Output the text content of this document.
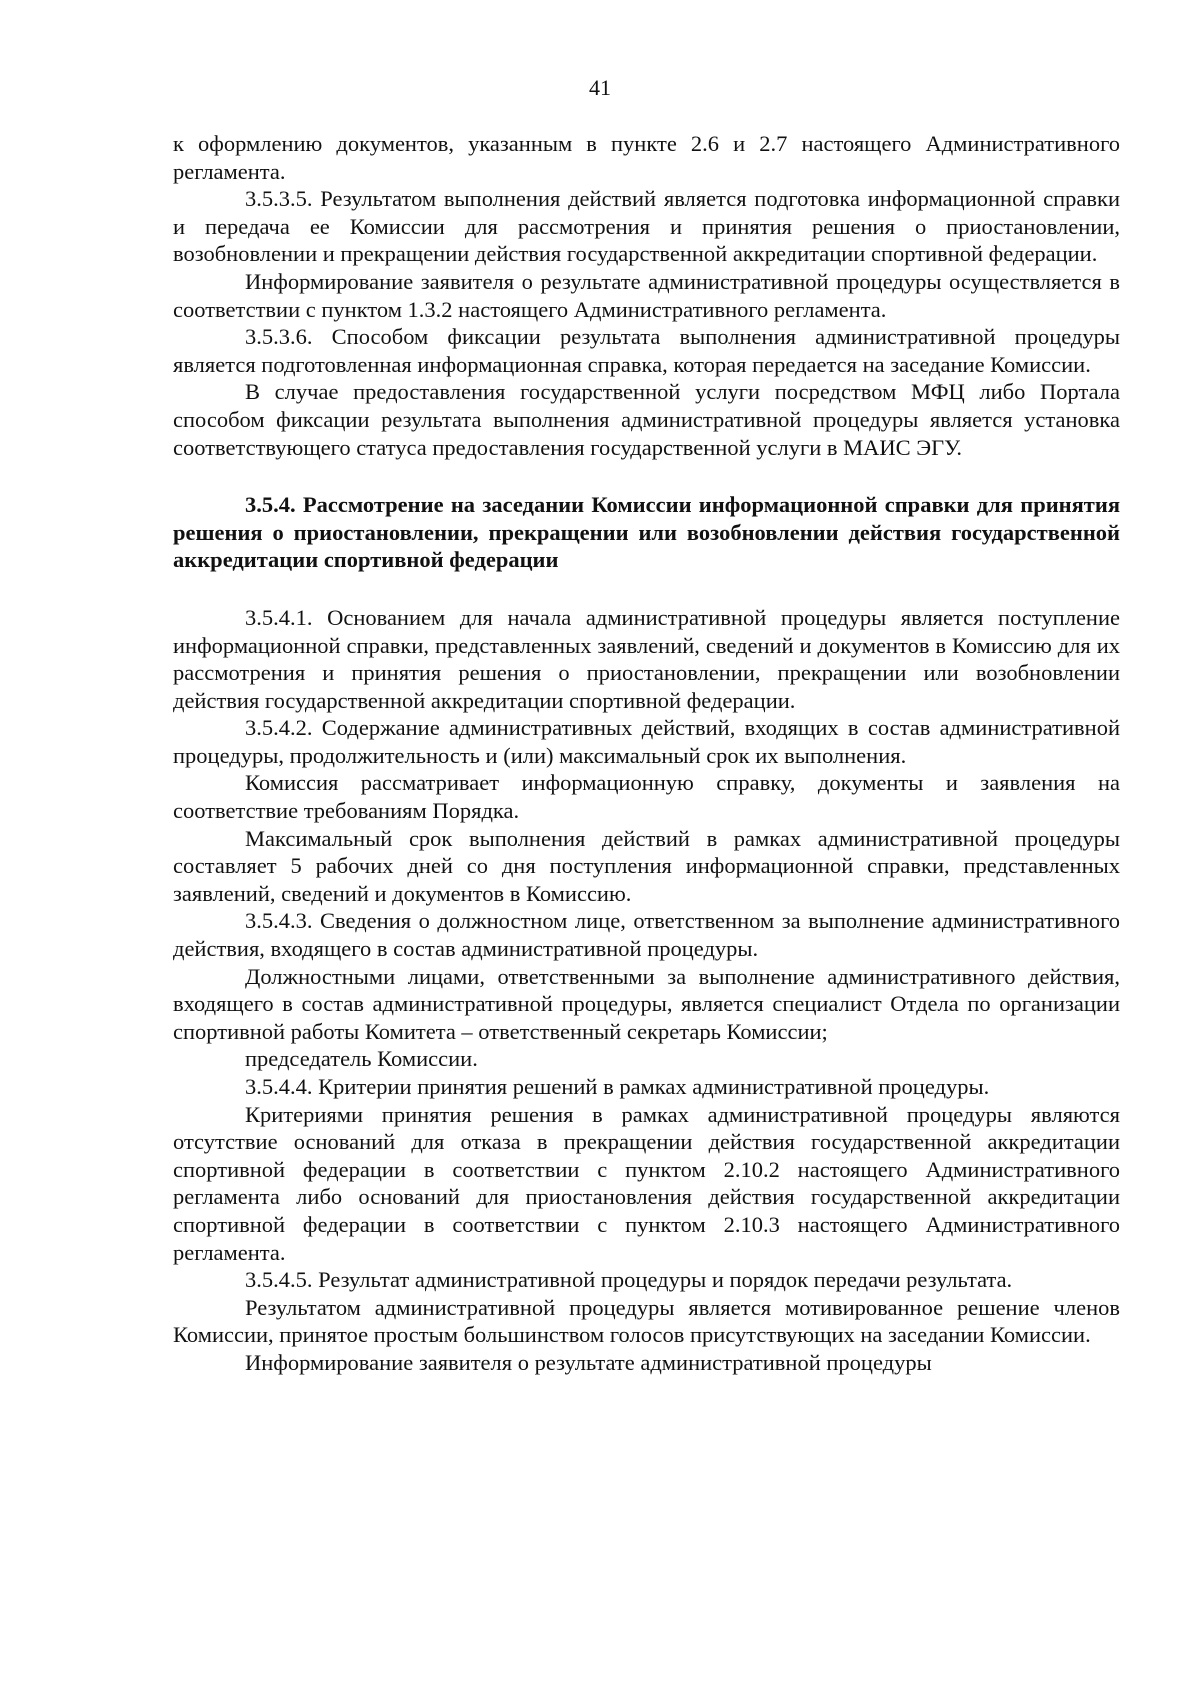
41

к оформлению документов, указанным в пункте 2.6 и 2.7 настоящего Административного регламента.

3.5.3.5. Результатом выполнения действий является подготовка информационной справки и передача ее Комиссии для рассмотрения и принятия решения о приостановлении, возобновлении и прекращении действия государственной аккредитации спортивной федерации.

Информирование заявителя о результате административной процедуры осуществляется в соответствии с пунктом 1.3.2 настоящего Административного регламента.

3.5.3.6. Способом фиксации результата выполнения административной процедуры является подготовленная информационная справка, которая передается на заседание Комиссии.

В случае предоставления государственной услуги посредством МФЦ либо Портала способом фиксации результата выполнения административной процедуры является установка соответствующего статуса предоставления государственной услуги в МАИС ЭГУ.

3.5.4. Рассмотрение на заседании Комиссии информационной справки для принятия решения о приостановлении, прекращении или возобновлении действия государственной аккредитации спортивной федерации

3.5.4.1. Основанием для начала административной процедуры является поступление информационной справки, представленных заявлений, сведений и документов в Комиссию для их рассмотрения и принятия решения о приостановлении, прекращении или возобновлении действия государственной аккредитации спортивной федерации.

3.5.4.2. Содержание административных действий, входящих в состав административной процедуры, продолжительность и (или) максимальный срок их выполнения.

Комиссия рассматривает информационную справку, документы и заявления на соответствие требованиям Порядка.

Максимальный срок выполнения действий в рамках административной процедуры составляет 5 рабочих дней со дня поступления информационной справки, представленных заявлений, сведений и документов в Комиссию.

3.5.4.3. Сведения о должностном лице, ответственном за выполнение административного действия, входящего в состав административной процедуры.

Должностными лицами, ответственными за выполнение административного действия, входящего в состав административной процедуры, является специалист Отдела по организации спортивной работы Комитета – ответственный секретарь Комиссии;

председатель Комиссии.

3.5.4.4. Критерии принятия решений в рамках административной процедуры.

Критериями принятия решения в рамках административной процедуры являются отсутствие оснований для отказа в прекращении действия государственной аккредитации спортивной федерации в соответствии с пунктом 2.10.2 настоящего Административного регламента либо оснований для приостановления действия государственной аккредитации спортивной федерации в соответствии с пунктом 2.10.3 настоящего Административного регламента.

3.5.4.5. Результат административной процедуры и порядок передачи результата.

Результатом административной процедуры является мотивированное решение членов Комиссии, принятое простым большинством голосов присутствующих на заседании Комиссии.

Информирование заявителя о результате административной процедуры
